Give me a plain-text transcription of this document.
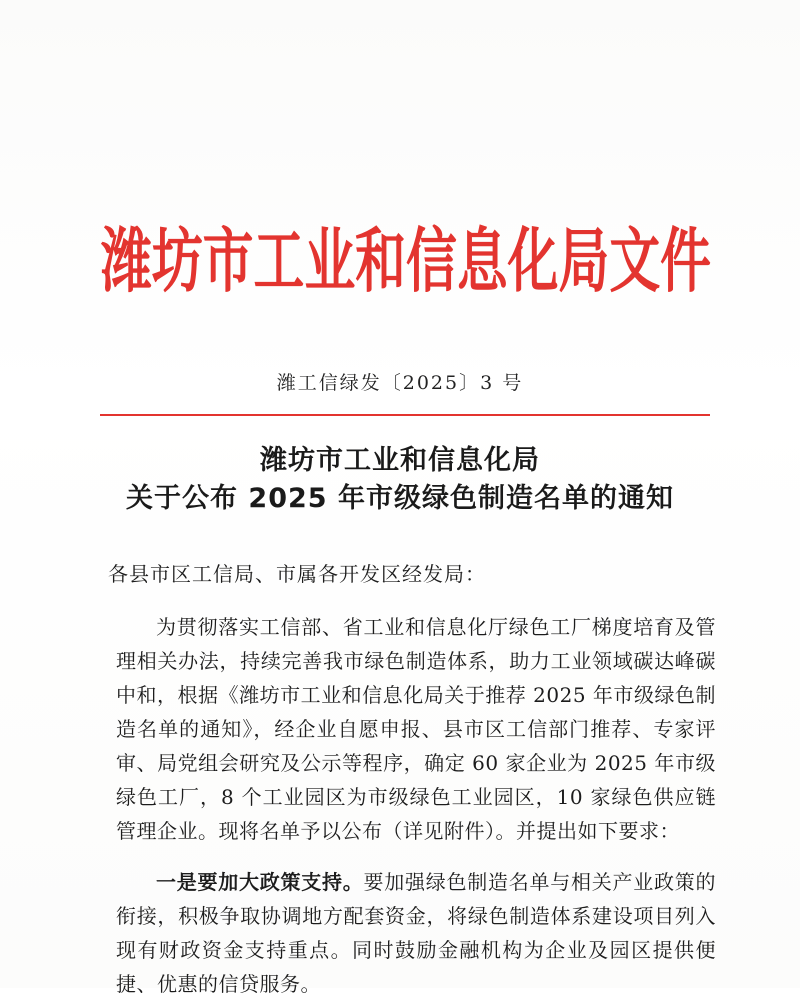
潍坊市工业和信息化局文件
潍工信绿发〔2025〕3 号
潍坊市工业和信息化局
关于公布 2025 年市级绿色制造名单的通知
各县市区工信局、市属各开发区经发局：

为贯彻落实工信部、省工业和信息化厅绿色工厂梯度培育及管理相关办法，持续完善我市绿色制造体系，助力工业领域碳达峰碳中和，根据《潍坊市工业和信息化局关于推荐 2025 年市级绿色制造名单的通知》，经企业自愿申报、县市区工信部门推荐、专家评审、局党组会研究及公示等程序，确定 60 家企业为 2025 年市级绿色工厂，8 个工业园区为市级绿色工业园区，10 家绿色供应链管理企业。现将名单予以公布（详见附件）。并提出如下要求：

一是要加大政策支持。要加强绿色制造名单与相关产业政策的衔接，积极争取协调地方配套资金，将绿色制造体系建设项目列入现有财政资金支持重点。同时鼓励金融机构为企业及园区提供便捷、优惠的信贷服务。
